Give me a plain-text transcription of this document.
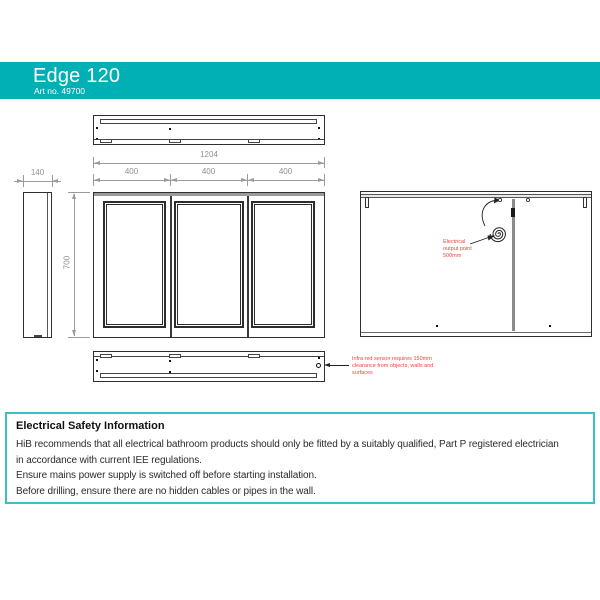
Edge 120
Art no. 49700
1204
400	400	400
140
700
Electrical
output point
500mm
Infra red sensor requires 150mm
clearance from objects, walls and
surfaces
Electrical Safety Information
HiB recommends that all electrical bathroom products should only be fitted by a suitably qualified, Part P registered electrician
in accordance with current IEE regulations.
Ensure mains power supply is switched off before starting installation.
Before drilling, ensure there are no hidden cables or pipes in the wall.
